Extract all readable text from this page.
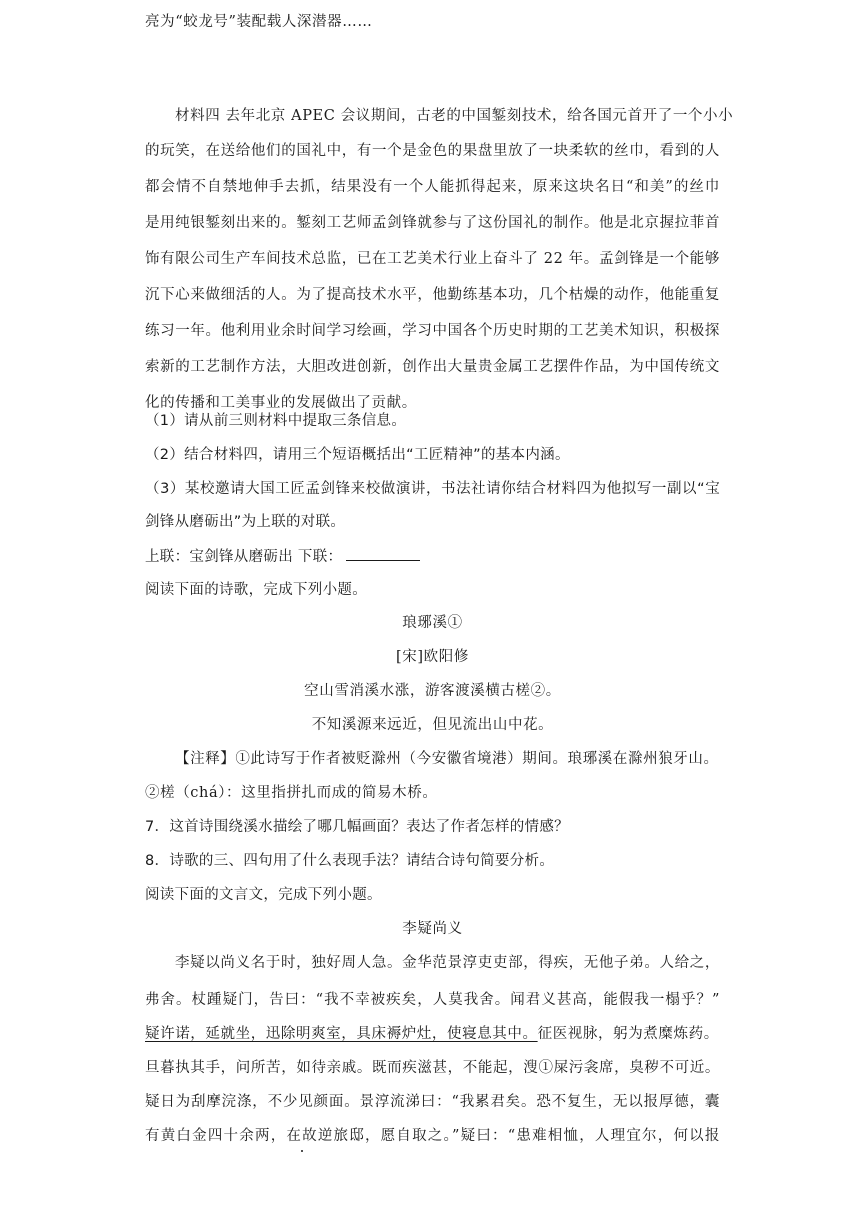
亮为“蛟龙号”装配载人深潜器……
材料四 去年北京 APEC 会议期间，古老的中国錾刻技术，给各国元首开了一个小小
的玩笑，在送给他们的国礼中，有一个是金色的果盘里放了一块柔软的丝巾，看到的人
都会情不自禁地伸手去抓，结果没有一个人能抓得起来，原来这块名日“和美”的丝巾
是用纯银錾刻出来的。錾刻工艺师孟剑锋就参与了这份国礼的制作。他是北京握拉菲首
饰有限公司生产车间技术总监，已在工艺美术行业上奋斗了 22 年。孟剑锋是一个能够
沉下心来做细活的人。为了提高技术水平，他勤练基本功，几个枯燥的动作，他能重复
练习一年。他利用业余时间学习绘画，学习中国各个历史时期的工艺美术知识，积极探
索新的工艺制作方法，大胆改进创新，创作出大量贵金属工艺摆件作品，为中国传统文
化的传播和工美事业的发展做出了贡献。
（1）请从前三则材料中提取三条信息。
（2）结合材料四，请用三个短语概括出“工匠精神”的基本内涵。
（3）某校邀请大国工匠孟剑锋来校做演讲，书法社请你结合材料四为他拟写一副以“宝
剑锋从磨砺出”为上联的对联。
上联：宝剑锋从磨砺出 下联：
阅读下面的诗歌，完成下列小题。
琅琊溪①
[宋]欧阳修
空山雪消溪水涨，游客渡溪横古槎②。
不知溪源来远近，但见流出山中花。
【注释】①此诗写于作者被贬滁州（今安徽省境港）期间。琅琊溪在滁州狼牙山。
②槎（chá）：这里指拼扎而成的简易木桥。
7．这首诗围绕溪水描绘了哪几幅画面？表达了作者怎样的情感？
8．诗歌的三、四句用了什么表现手法？请结合诗句简要分析。
阅读下面的文言文，完成下列小题。
李疑尚义
李疑以尚义名于时，独好周人急。金华范景淳吏吏部，得疾，无他子弟。人给之，
弗舍。杖踵疑门，告曰：“我不幸被疾矣，人莫我舍。闻君义甚高，能假我一榻乎？”
疑许诺，延就坐，迅除明爽室，具床褥炉灶，使寝息其中。征医视脉，躬为煮糜炼药。
旦暮执其手，问所苦，如待亲戚。既而疾滋甚，不能起，溲①屎污衾席，臭秽不可近。
疑日为刮摩浣涤，不少见颜面。景淳流涕曰：“我累君矣。恐不复生，无以报厚德，囊
有黄白金四十余两，在故逆旅邸，愿自取之。”疑曰：“患难相恤，人理宜尔，何以报
